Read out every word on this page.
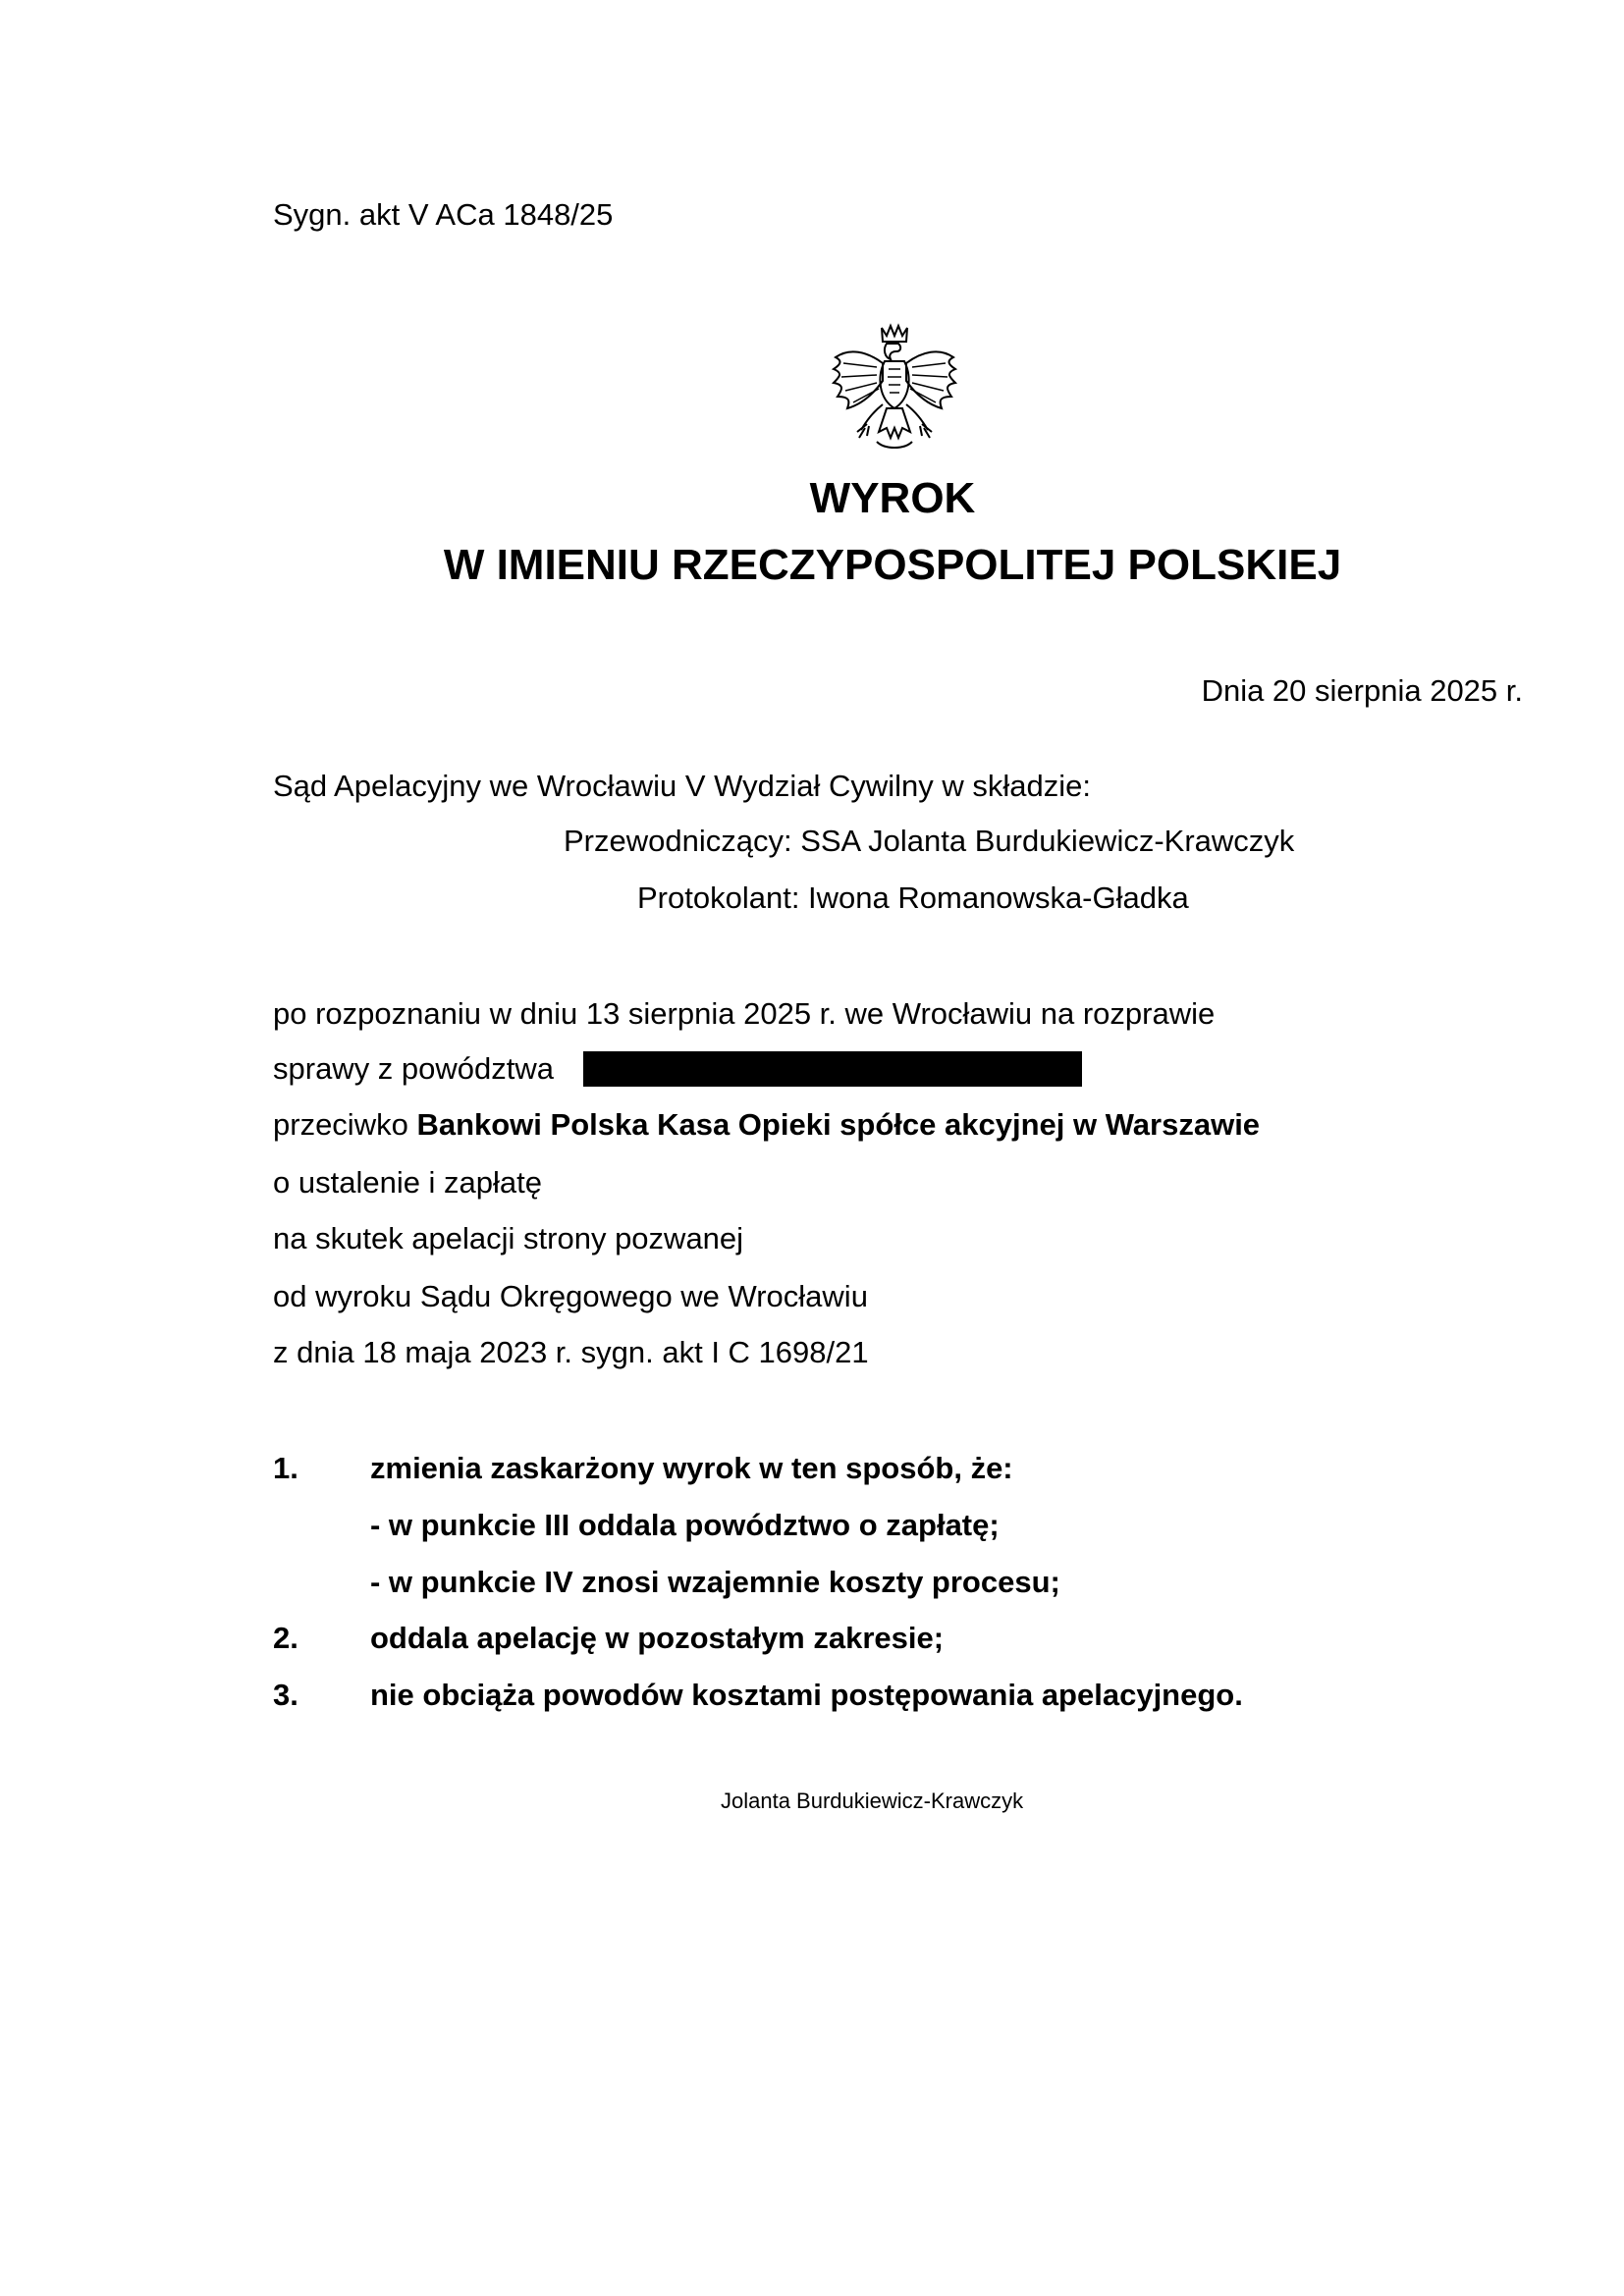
Sygn. akt V ACa 1848/25
WYROK
W IMIENIU RZECZYPOSPOLITEJ POLSKIEJ
Dnia 20 sierpnia 2025 r.
Sąd Apelacyjny we Wrocławiu V Wydział Cywilny w składzie:
Przewodniczący: SSA Jolanta Burdukiewicz-Krawczyk
Protokolant: Iwona Romanowska-Gładka
po rozpoznaniu w dniu 13 sierpnia 2025 r. we Wrocławiu na rozprawie
sprawy z powództwa
przeciwko Bankowi Polska Kasa Opieki spółce akcyjnej w Warszawie
o ustalenie i zapłatę
na skutek apelacji strony pozwanej
od wyroku Sądu Okręgowego we Wrocławiu
z dnia 18 maja 2023 r. sygn. akt I C 1698/21
1. zmienia zaskarżony wyrok w ten sposób, że:
- w punkcie III oddala powództwo o zapłatę;
- w punkcie IV znosi wzajemnie koszty procesu;
2. oddala apelację w pozostałym zakresie;
3. nie obciąża powodów kosztami postępowania apelacyjnego.
Jolanta Burdukiewicz-Krawczyk
